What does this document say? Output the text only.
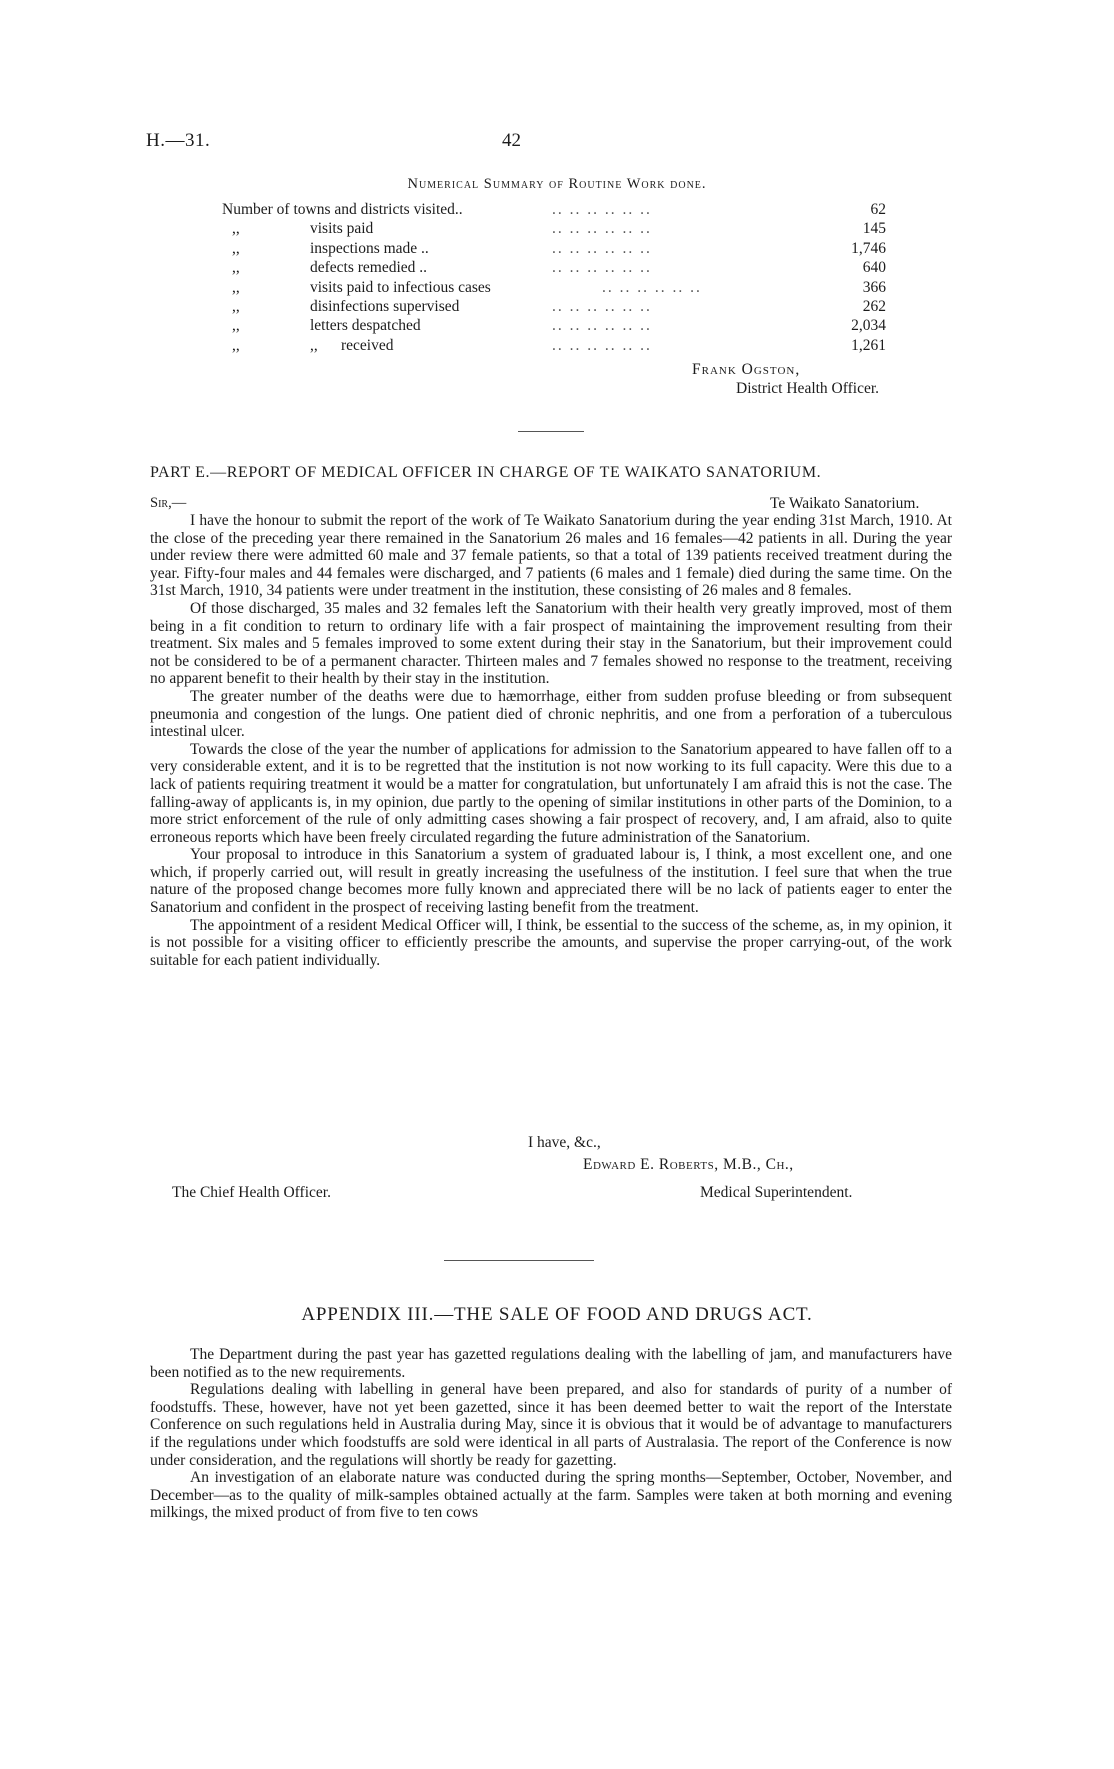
H.—31.	42
Numerical Summary of Routine Work done.
Number of towns and districts visited..	.. .. .. .. .. ..	62
,,	visits paid	.. .. .. .. .. ..	145
,,	inspections made ..	.. .. .. .. .. ..	1,746
,,	defects remedied ..	.. .. .. .. .. ..	640
,,	visits paid to infectious cases	.. .. .. .. .. ..	366
,,	disinfections supervised	.. .. .. .. .. ..	262
,,	letters despatched	.. .. .. .. .. ..	2,034
,,	,,      received	.. .. .. .. .. ..	1,261
Frank Ogston,
District Health Officer.
PART E.—REPORT OF MEDICAL OFFICER IN CHARGE OF TE WAIKATO SANATORIUM.
Sir,—	Te Waikato Sanatorium.

I have the honour to submit the report of the work of Te Waikato Sanatorium during the year ending 31st March, 1910. At the close of the preceding year there remained in the Sanatorium 26 males and 16 females—42 patients in all. During the year under review there were admitted 60 male and 37 female patients, so that a total of 139 patients received treatment during the year. Fifty-four males and 44 females were discharged, and 7 patients (6 males and 1 female) died during the same time. On the 31st March, 1910, 34 patients were under treatment in the institution, these consisting of 26 males and 8 females.

Of those discharged, 35 males and 32 females left the Sanatorium with their health very greatly improved, most of them being in a fit condition to return to ordinary life with a fair prospect of maintaining the improvement resulting from their treatment. Six males and 5 females improved to some extent during their stay in the Sanatorium, but their improvement could not be considered to be of a permanent character. Thirteen males and 7 females showed no response to the treatment, receiving no apparent benefit to their health by their stay in the institution.

The greater number of the deaths were due to hæmorrhage, either from sudden profuse bleeding or from subsequent pneumonia and congestion of the lungs. One patient died of chronic nephritis, and one from a perforation of a tuberculous intestinal ulcer.

Towards the close of the year the number of applications for admission to the Sanatorium appeared to have fallen off to a very considerable extent, and it is to be regretted that the institution is not now working to its full capacity. Were this due to a lack of patients requiring treatment it would be a matter for congratulation, but unfortunately I am afraid this is not the case. The falling-away of applicants is, in my opinion, due partly to the opening of similar institutions in other parts of the Dominion, to a more strict enforcement of the rule of only admitting cases showing a fair prospect of recovery, and, I am afraid, also to quite erroneous reports which have been freely circulated regarding the future administration of the Sanatorium.

Your proposal to introduce in this Sanatorium a system of graduated labour is, I think, a most excellent one, and one which, if properly carried out, will result in greatly increasing the usefulness of the institution. I feel sure that when the true nature of the proposed change becomes more fully known and appreciated there will be no lack of patients eager to enter the Sanatorium and confident in the prospect of receiving lasting benefit from the treatment.

The appointment of a resident Medical Officer will, I think, be essential to the success of the scheme, as, in my opinion, it is not possible for a visiting officer to efficiently prescribe the amounts, and supervise the proper carrying-out, of the work suitable for each patient individually.

I have, &c.,
Edward E. Roberts, M.B., Ch.,
The Chief Health Officer.	Medical Superintendent.
APPENDIX III.—THE SALE OF FOOD AND DRUGS ACT.

The Department during the past year has gazetted regulations dealing with the labelling of jam, and manufacturers have been notified as to the new requirements.

Regulations dealing with labelling in general have been prepared, and also for standards of purity of a number of foodstuffs. These, however, have not yet been gazetted, since it has been deemed better to wait the report of the Interstate Conference on such regulations held in Australia during May, since it is obvious that it would be of advantage to manufacturers if the regulations under which foodstuffs are sold were identical in all parts of Australasia. The report of the Conference is now under consideration, and the regulations will shortly be ready for gazetting.

An investigation of an elaborate nature was conducted during the spring months—September, October, November, and December—as to the quality of milk-samples obtained actually at the farm. Samples were taken at both morning and evening milkings, the mixed product of from five to ten cows
